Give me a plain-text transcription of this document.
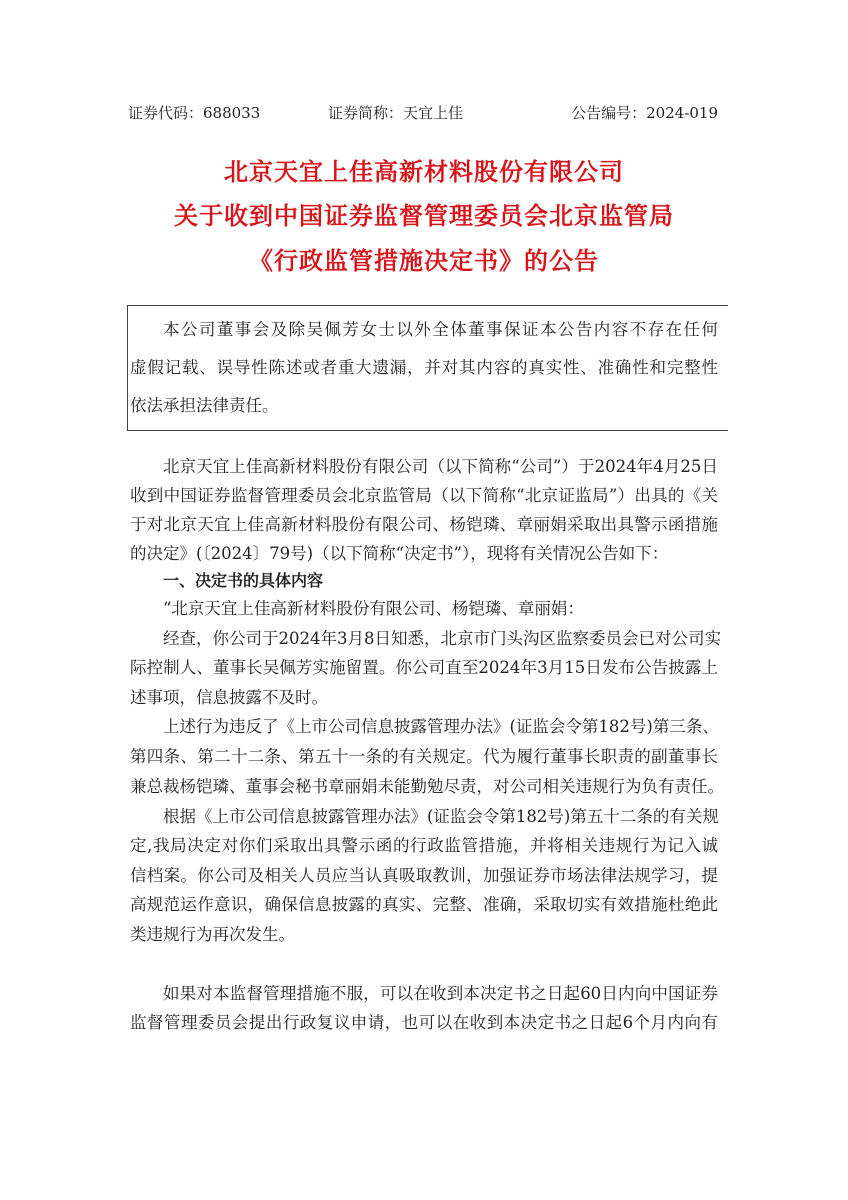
证券代码：688033	证券简称：天宜上佳	公告编号：2024-019
北京天宜上佳高新材料股份有限公司
关于收到中国证券监督管理委员会北京监管局
《行政监管措施决定书》的公告
本公司董事会及除吴佩芳女士以外全体董事保证本公告内容不存在任何
虚假记载、误导性陈述或者重大遗漏，并对其内容的真实性、准确性和完整性
依法承担法律责任。
北京天宜上佳高新材料股份有限公司（以下简称“公司”）于2024年4月25日
收到中国证券监督管理委员会北京监管局（以下简称“北京证监局”）出具的《关
于对北京天宜上佳高新材料股份有限公司、杨铠璘、章丽娟采取出具警示函措施
的决定》(〔2024〕79号)（以下简称“决定书”），现将有关情况公告如下：
一、决定书的具体内容
“北京天宜上佳高新材料股份有限公司、杨铠璘、章丽娟：
经查，你公司于2024年3月8日知悉，北京市门头沟区监察委员会已对公司实
际控制人、董事长吴佩芳实施留置。你公司直至2024年3月15日发布公告披露上
述事项，信息披露不及时。
上述行为违反了《上市公司信息披露管理办法》(证监会令第182号)第三条、
第四条、第二十二条、第五十一条的有关规定。代为履行董事长职责的副董事长
兼总裁杨铠璘、董事会秘书章丽娟未能勤勉尽责，对公司相关违规行为负有责任。
根据《上市公司信息披露管理办法》(证监会令第182号)第五十二条的有关规
定,我局决定对你们采取出具警示函的行政监管措施，并将相关违规行为记入诚
信档案。你公司及相关人员应当认真吸取教训，加强证券市场法律法规学习，提
高规范运作意识，确保信息披露的真实、完整、准确，采取切实有效措施杜绝此
类违规行为再次发生。
如果对本监督管理措施不服，可以在收到本决定书之日起60日内向中国证券
监督管理委员会提出行政复议申请，也可以在收到本决定书之日起6个月内向有
